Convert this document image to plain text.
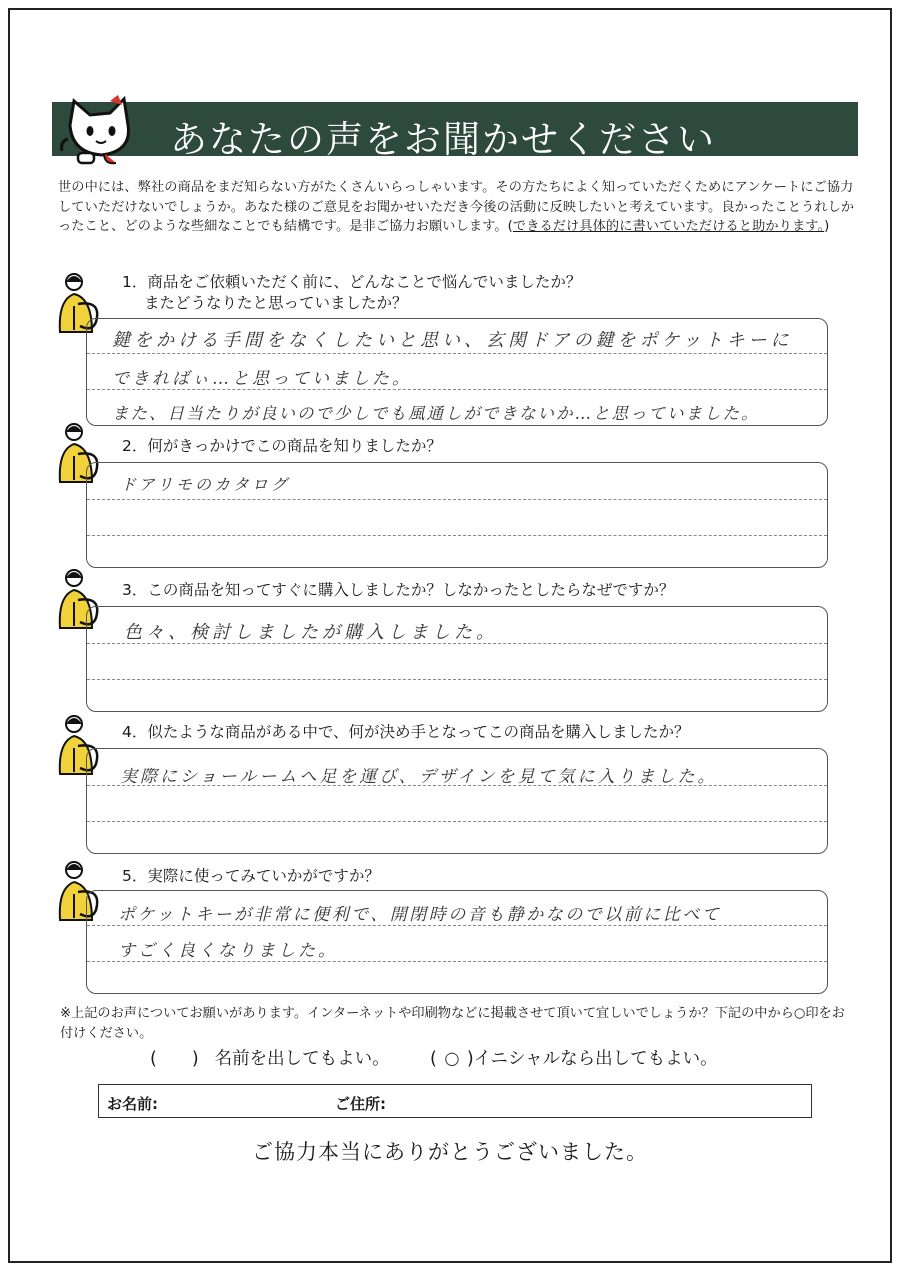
あなたの声をお聞かせください
世の中には、弊社の商品をまだ知らない方がたくさんいらっしゃいます。その方たちによく知っていただくためにアンケートにご協力していただけないでしょうか。あなた様のご意見をお聞かせいただき今後の活動に反映したいと考えています。良かったことうれしかったこと、どのような些細なことでも結構です。是非ご協力お願いします。(できるだけ具体的に書いていただけると助かります。)
1．商品をご依頼いただく前に、どんなことで悩んでいましたか？
またどうなりたと思っていましたか？
鍵をかける手間をなくしたいと思い、玄関ドアの鍵をポケットキーに
できればぃ…と思っていました。
また、日当たりが良いので少しでも風通しができないか…と思っていました。
2．何がきっかけでこの商品を知りましたか？
ドアリモのカタログ
3．この商品を知ってすぐに購入しましたか？しなかったとしたらなぜですか？
色々、検討しましたが購入しました。
4．似たような商品がある中で、何が決め手となってこの商品を購入しましたか？
実際にショールームへ足を運び、デザインを見て気に入りました。
5．実際に使ってみていかがですか？
ポケットキーが非常に便利で、開閉時の音も静かなので以前に比べて
すごく良くなりました。
※上記のお声についてお願いがあります。インターネットや印刷物などに掲載させて頂いて宜しいでしょうか？下記の中から○印をお付けください。
(　　) 名前を出してもよい。 ( ○ )イニシャルなら出してもよい。
お名前:	ご住所:
ご協力本当にありがとうございました。
